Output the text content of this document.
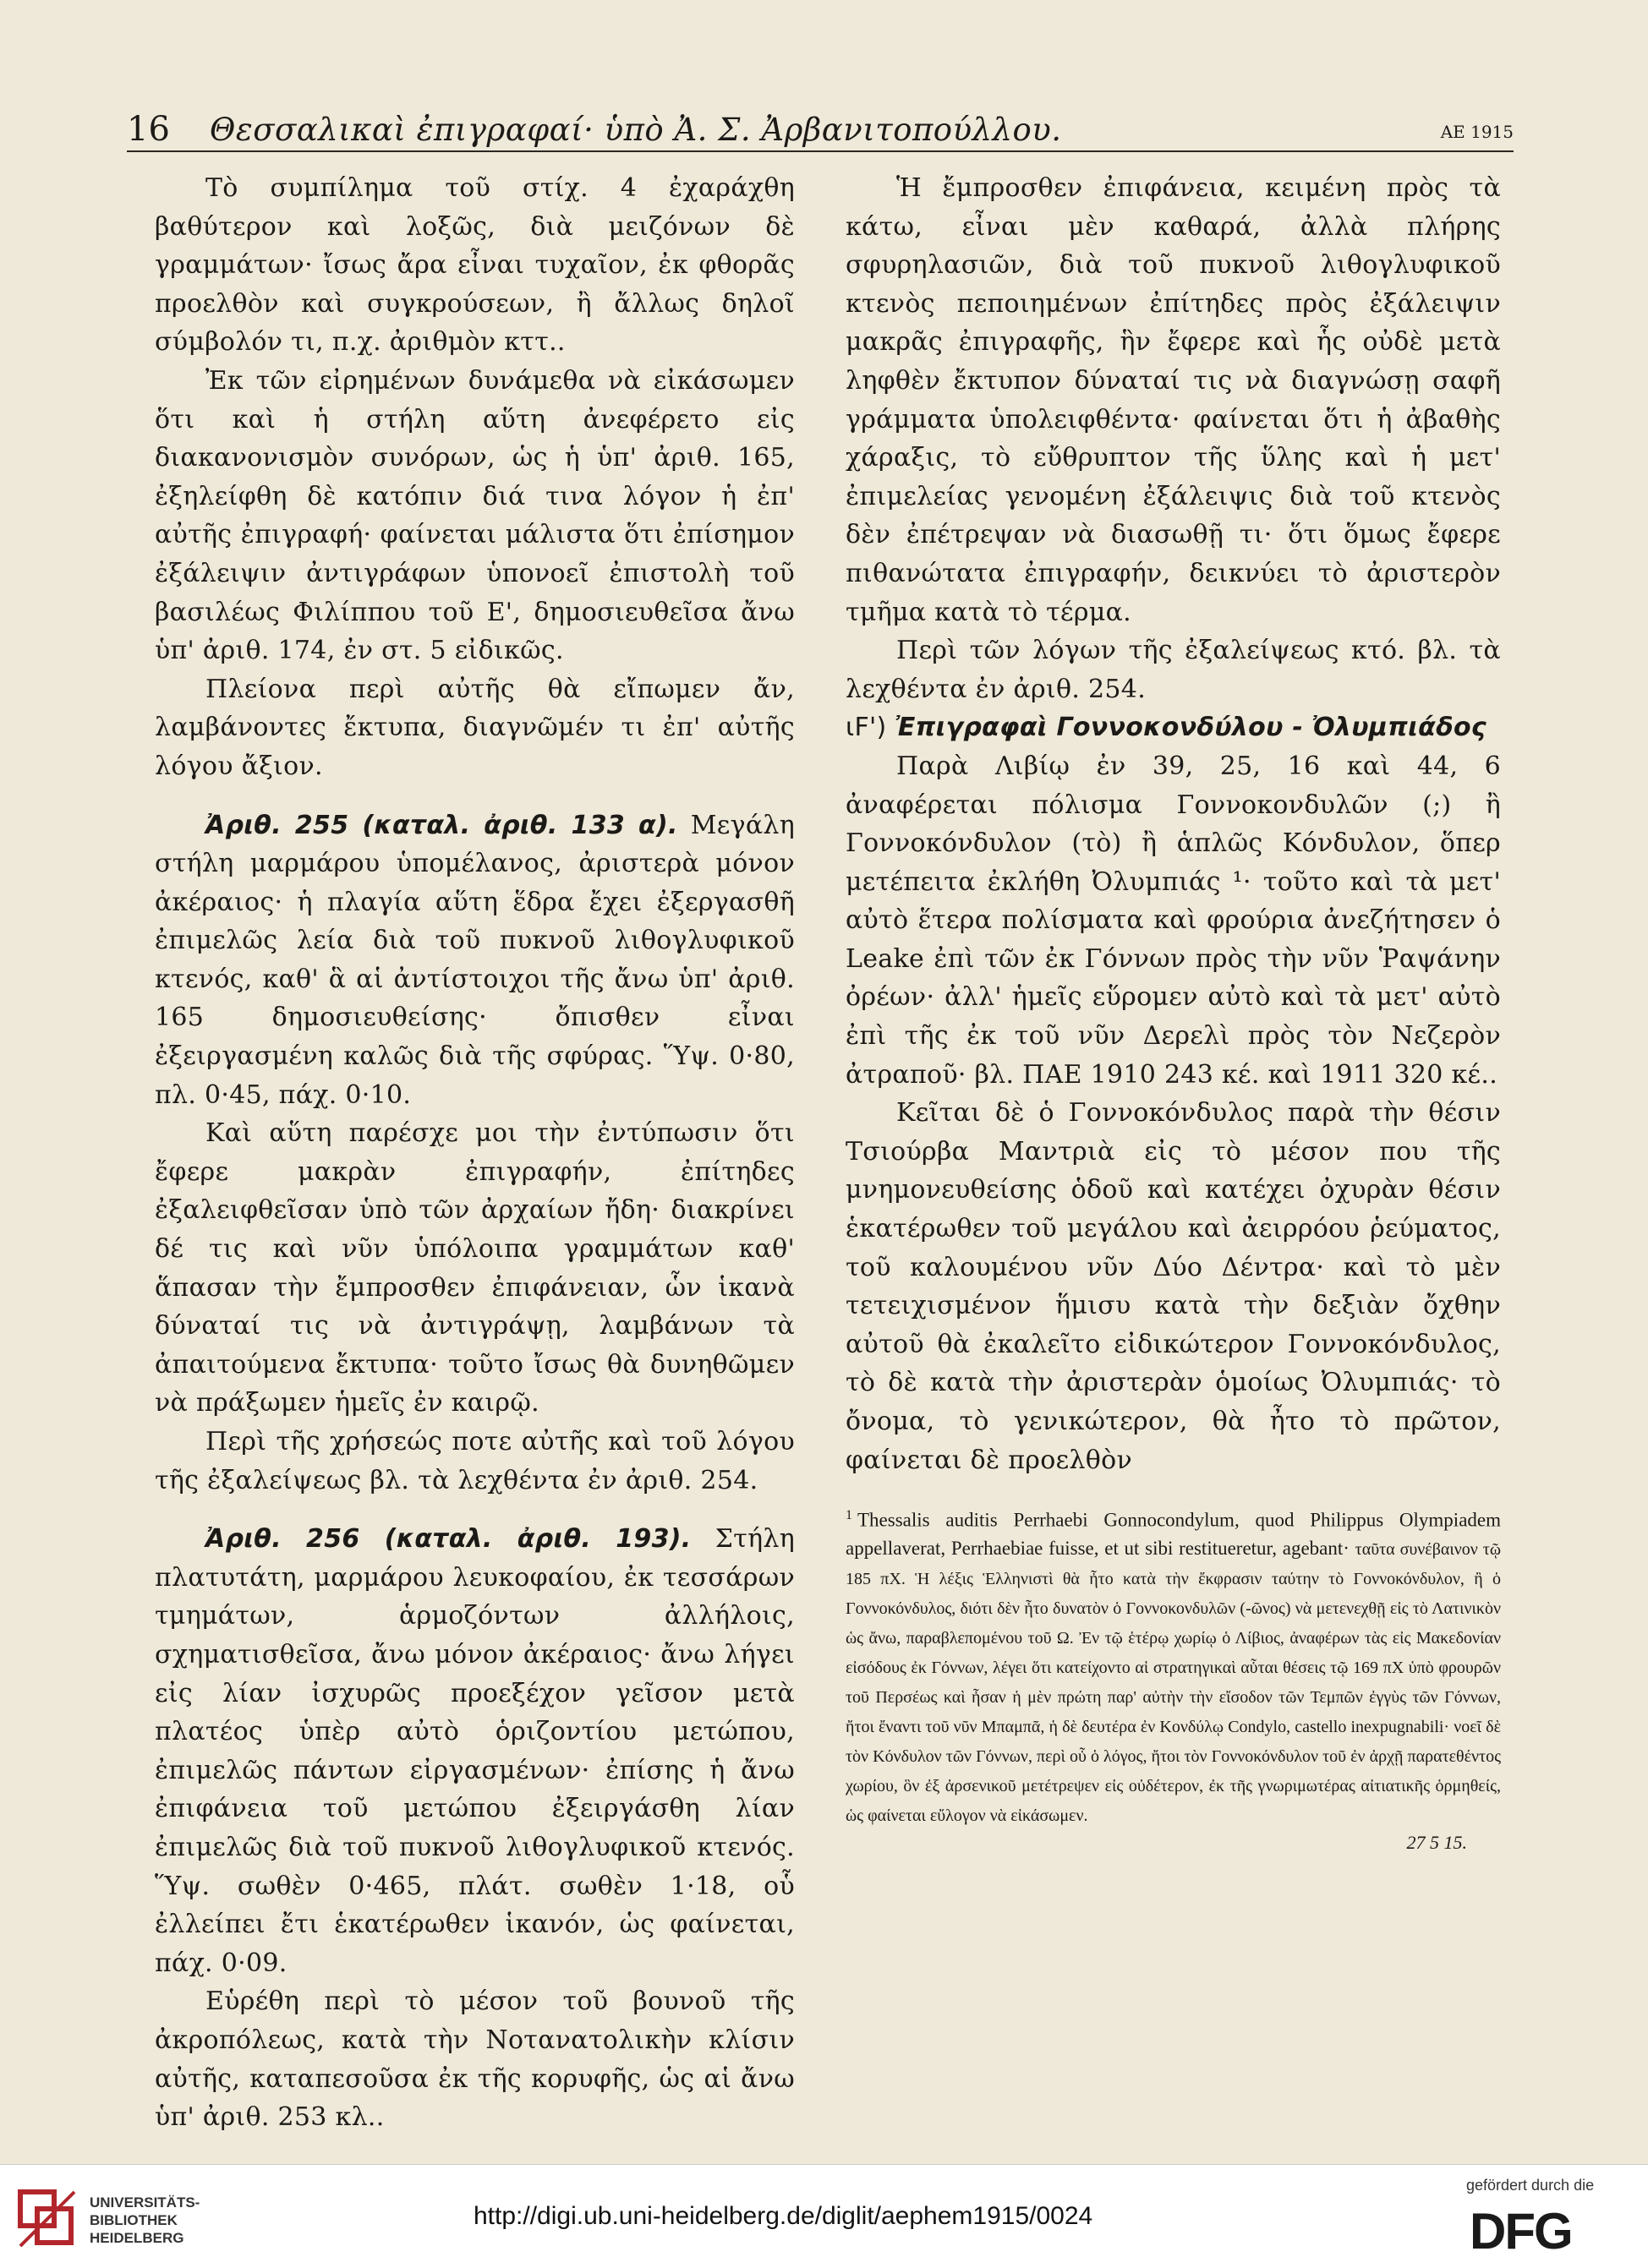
16 Θεσσαλικαὶ ἐπιγραφαί· ὑπὸ Ἀ. Σ. Ἀρβανιτοπούλλου.	ΑΕ 1915

Τὸ συμπίλημα τοῦ στίχ. 4 ἐχαράχθη βαθύτερον καὶ λοξῶς, διὰ μειζόνων δὲ γραμμάτων· ἴσως ἄρα εἶναι τυχαῖον, ἐκ φθορᾶς προελθὸν καὶ συγκρούσεων, ἢ ἄλλως δηλοῖ σύμβολόν τι, π.χ. ἀριθμὸν κττ..

Ἐκ τῶν εἰρημένων δυνάμεθα νὰ εἰκάσωμεν ὅτι καὶ ἡ στήλη αὕτη ἀνεφέρετο εἰς διακανονισμὸν συνόρων, ὡς ἡ ὑπ' ἀριθ. 165, ἐξηλείφθη δὲ κατόπιν διά τινα λόγον ἡ ἐπ' αὐτῆς ἐπιγραφή· φαίνεται μάλιστα ὅτι ἐπίσημον ἐξάλειψιν ἀντιγράφων ὑπονοεῖ ἐπιστολὴ τοῦ βασιλέως Φιλίππου τοῦ Ε', δημοσιευθεῖσα ἄνω ὑπ' ἀριθ. 174, ἐν στ. 5 εἰδικῶς.

Πλείονα περὶ αὐτῆς θὰ εἴπωμεν ἄν, λαμβάνοντες ἔκτυπα, διαγνῶμέν τι ἐπ' αὐτῆς λόγου ἄξιον.

Ἀριθ. 255 (καταλ. ἀριθ. 133 α). Μεγάλη στήλη μαρμάρου ὑπομέλανος, ἀριστερὰ μόνον ἀκέραιος· ἡ πλαγία αὕτη ἕδρα ἔχει ἐξεργασθῆ ἐπιμελῶς λεία διὰ τοῦ πυκνοῦ λιθογλυφικοῦ κτενός, καθ' ἃ αἱ ἀντίστοιχοι τῆς ἄνω ὑπ' ἀριθ. 165 δημοσιευθείσης· ὄπισθεν εἶναι ἐξειργασμένη καλῶς διὰ τῆς σφύρας. Ὕψ. 0·80, πλ. 0·45, πάχ. 0·10.

Καὶ αὕτη παρέσχε μοι τὴν ἐντύπωσιν ὅτι ἔφερε μακρὰν ἐπιγραφήν, ἐπίτηδες ἐξαλειφθεῖσαν ὑπὸ τῶν ἀρχαίων ἤδη· διακρίνει δέ τις καὶ νῦν ὑπόλοιπα γραμμάτων καθ' ἅπασαν τὴν ἔμπροσθεν ἐπιφάνειαν, ὧν ἱκανὰ δύναταί τις νὰ ἀντιγράψῃ, λαμβάνων τὰ ἀπαιτούμενα ἔκτυπα· τοῦτο ἴσως θὰ δυνηθῶμεν νὰ πράξωμεν ἡμεῖς ἐν καιρῷ.

Περὶ τῆς χρήσεώς ποτε αὐτῆς καὶ τοῦ λόγου τῆς ἐξαλείψεως βλ. τὰ λεχθέντα ἐν ἀριθ. 254.

Ἀριθ. 256 (καταλ. ἀριθ. 193). Στήλη πλατυτάτη, μαρμάρου λευκοφαίου, ἐκ τεσσάρων τμημάτων, ἁρμοζόντων ἀλλήλοις, σχηματισθεῖσα, ἄνω μόνον ἀκέραιος· ἄνω λήγει εἰς λίαν ἰσχυρῶς προεξέχον γεῖσον μετὰ πλατέος ὑπὲρ αὐτὸ ὁριζοντίου μετώπου, ἐπιμελῶς πάντων εἰργασμένων· ἐπίσης ἡ ἄνω ἐπιφάνεια τοῦ μετώπου ἐξειργάσθη λίαν ἐπιμελῶς διὰ τοῦ πυκνοῦ λιθογλυφικοῦ κτενός. Ὕψ. σωθὲν 0·465, πλάτ. σωθὲν 1·18, οὗ ἐλλείπει ἔτι ἑκατέρωθεν ἱκανόν, ὡς φαίνεται, πάχ. 0·09.

Εὑρέθη περὶ τὸ μέσον τοῦ βουνοῦ τῆς ἀκροπόλεως, κατὰ τὴν Νοτανατολικὴν κλίσιν αὐτῆς, καταπεσοῦσα ἐκ τῆς κορυφῆς, ὡς αἱ ἄνω ὑπ' ἀριθ. 253 κλ..

Ἡ ἔμπροσθεν ἐπιφάνεια, κειμένη πρὸς τὰ κάτω, εἶναι μὲν καθαρά, ἀλλὰ πλήρης σφυρηλασιῶν, διὰ τοῦ πυκνοῦ λιθογλυφικοῦ κτενὸς πεποιημένων ἐπίτηδες πρὸς ἐξάλειψιν μακρᾶς ἐπιγραφῆς, ἣν ἔφερε καὶ ἧς οὐδὲ μετὰ ληφθὲν ἔκτυπον δύναταί τις νὰ διαγνώσῃ σαφῆ γράμματα ὑπολειφθέντα· φαίνεται ὅτι ἡ ἀβαθὴς χάραξις, τὸ εὔθρυπτον τῆς ὕλης καὶ ἡ μετ' ἐπιμελείας γενομένη ἐξάλειψις διὰ τοῦ κτενὸς δὲν ἐπέτρεψαν νὰ διασωθῇ τι· ὅτι ὅμως ἔφερε πιθανώτατα ἐπιγραφήν, δεικνύει τὸ ἀριστερὸν τμῆμα κατὰ τὸ τέρμα.

Περὶ τῶν λόγων τῆς ἐξαλείψεως κτό. βλ. τὰ λεχθέντα ἐν ἀριθ. 254.

ιϜ') Ἐπιγραφαὶ Γοννοκονδύλου - Ὀλυμπιάδος

Παρὰ Λιβίῳ ἐν 39, 25, 16 καὶ 44, 6 ἀναφέρεται πόλισμα Γοννοκονδυλῶν (;) ἢ Γοννοκόνδυλον (τὸ) ἢ ἁπλῶς Κόνδυλον, ὅπερ μετέπειτα ἐκλήθη Ὀλυμπιάς ¹· τοῦτο καὶ τὰ μετ' αὐτὸ ἕτερα πολίσματα καὶ φρούρια ἀνεζήτησεν ὁ Leake ἐπὶ τῶν ἐκ Γόννων πρὸς τὴν νῦν Ῥαψάνην ὀρέων· ἀλλ' ἡμεῖς εὕρομεν αὐτὸ καὶ τὰ μετ' αὐτὸ ἐπὶ τῆς ἐκ τοῦ νῦν Δερελὶ πρὸς τὸν Νεζερὸν ἀτραποῦ· βλ. ΠΑΕ 1910 243 κέ. καὶ 1911 320 κέ..

Κεῖται δὲ ὁ Γοννοκόνδυλος παρὰ τὴν θέσιν Τσιούρβα Μαντριὰ εἰς τὸ μέσον που τῆς μνημονευθείσης ὁδοῦ καὶ κατέχει ὀχυρὰν θέσιν ἑκατέρωθεν τοῦ μεγάλου καὶ ἀειρρόου ῥεύματος, τοῦ καλουμένου νῦν Δύο Δέντρα· καὶ τὸ μὲν τετειχισμένον ἥμισυ κατὰ τὴν δεξιὰν ὄχθην αὐτοῦ θὰ ἐκαλεῖτο εἰδικώτερον Γοννοκόνδυλος, τὸ δὲ κατὰ τὴν ἀριστερὰν ὁμοίως Ὀλυμπιάς· τὸ ὄνομα, τὸ γενικώτερον, θὰ ἦτο τὸ πρῶτον, φαίνεται δὲ προελθὸν

$^1$ Thessalis auditis Perrhaebi Gonnocondylum, quod Philippus Olympiadem appellaverat, Perrhaebiae fuisse, et ut sibi restitueretur, agebant· ταῦτα συνέβαινον τῷ 185 πΧ. Ἡ λέξις Ἑλληνιστὶ θὰ ἦτο κατὰ τὴν ἔκφρασιν ταύτην τὸ Γοννοκόνδυλον, ἢ ὁ Γοννοκόνδυλος, διότι δὲν ἦτο δυνατὸν ὁ Γοννοκονδυλῶν (-ῶνος) νὰ μετενεχθῇ εἰς τὸ Λατινικὸν ὡς ἄνω, παραβλεπομένου τοῦ Ω. Ἐν τῷ ἑτέρῳ χωρίῳ ὁ Λίβιος, ἀναφέρων τὰς εἰς Μακεδονίαν εἰσόδους ἐκ Γόννων, λέγει ὅτι κατείχοντο αἱ στρατηγικαὶ αὗται θέσεις τῷ 169 πΧ ὑπὸ φρουρῶν τοῦ Περσέως καὶ ἦσαν ἡ μὲν πρώτη παρ' αὐτὴν τὴν εἴσοδον τῶν Τεμπῶν ἐγγὺς τῶν Γόννων, ἤτοι ἔναντι τοῦ νῦν Μπαμπᾶ, ἡ δὲ δευτέρα ἐν Κονδύλῳ Condylo, castello inexpugnabili· νοεῖ δὲ τὸν Κόνδυλον τῶν Γόννων, περὶ οὗ ὁ λόγος, ἤτοι τὸν Γοννοκόνδυλον τοῦ ἐν ἀρχῇ παρατεθέντος χωρίου, ὃν ἐξ ἀρσενικοῦ μετέτρεψεν εἰς οὐδέτερον, ἐκ τῆς γνωριμωτέρας αἰτιατικῆς ὁρμηθείς, ὡς φαίνεται εὔλογον νὰ εἰκάσωμεν.
27 5 15.
UNIVERSITÄTS-
BIBLIOTHEK
HEIDELBERG
http://digi.ub.uni-heidelberg.de/diglit/aephem1915/0024
gefördert durch die
DFG
